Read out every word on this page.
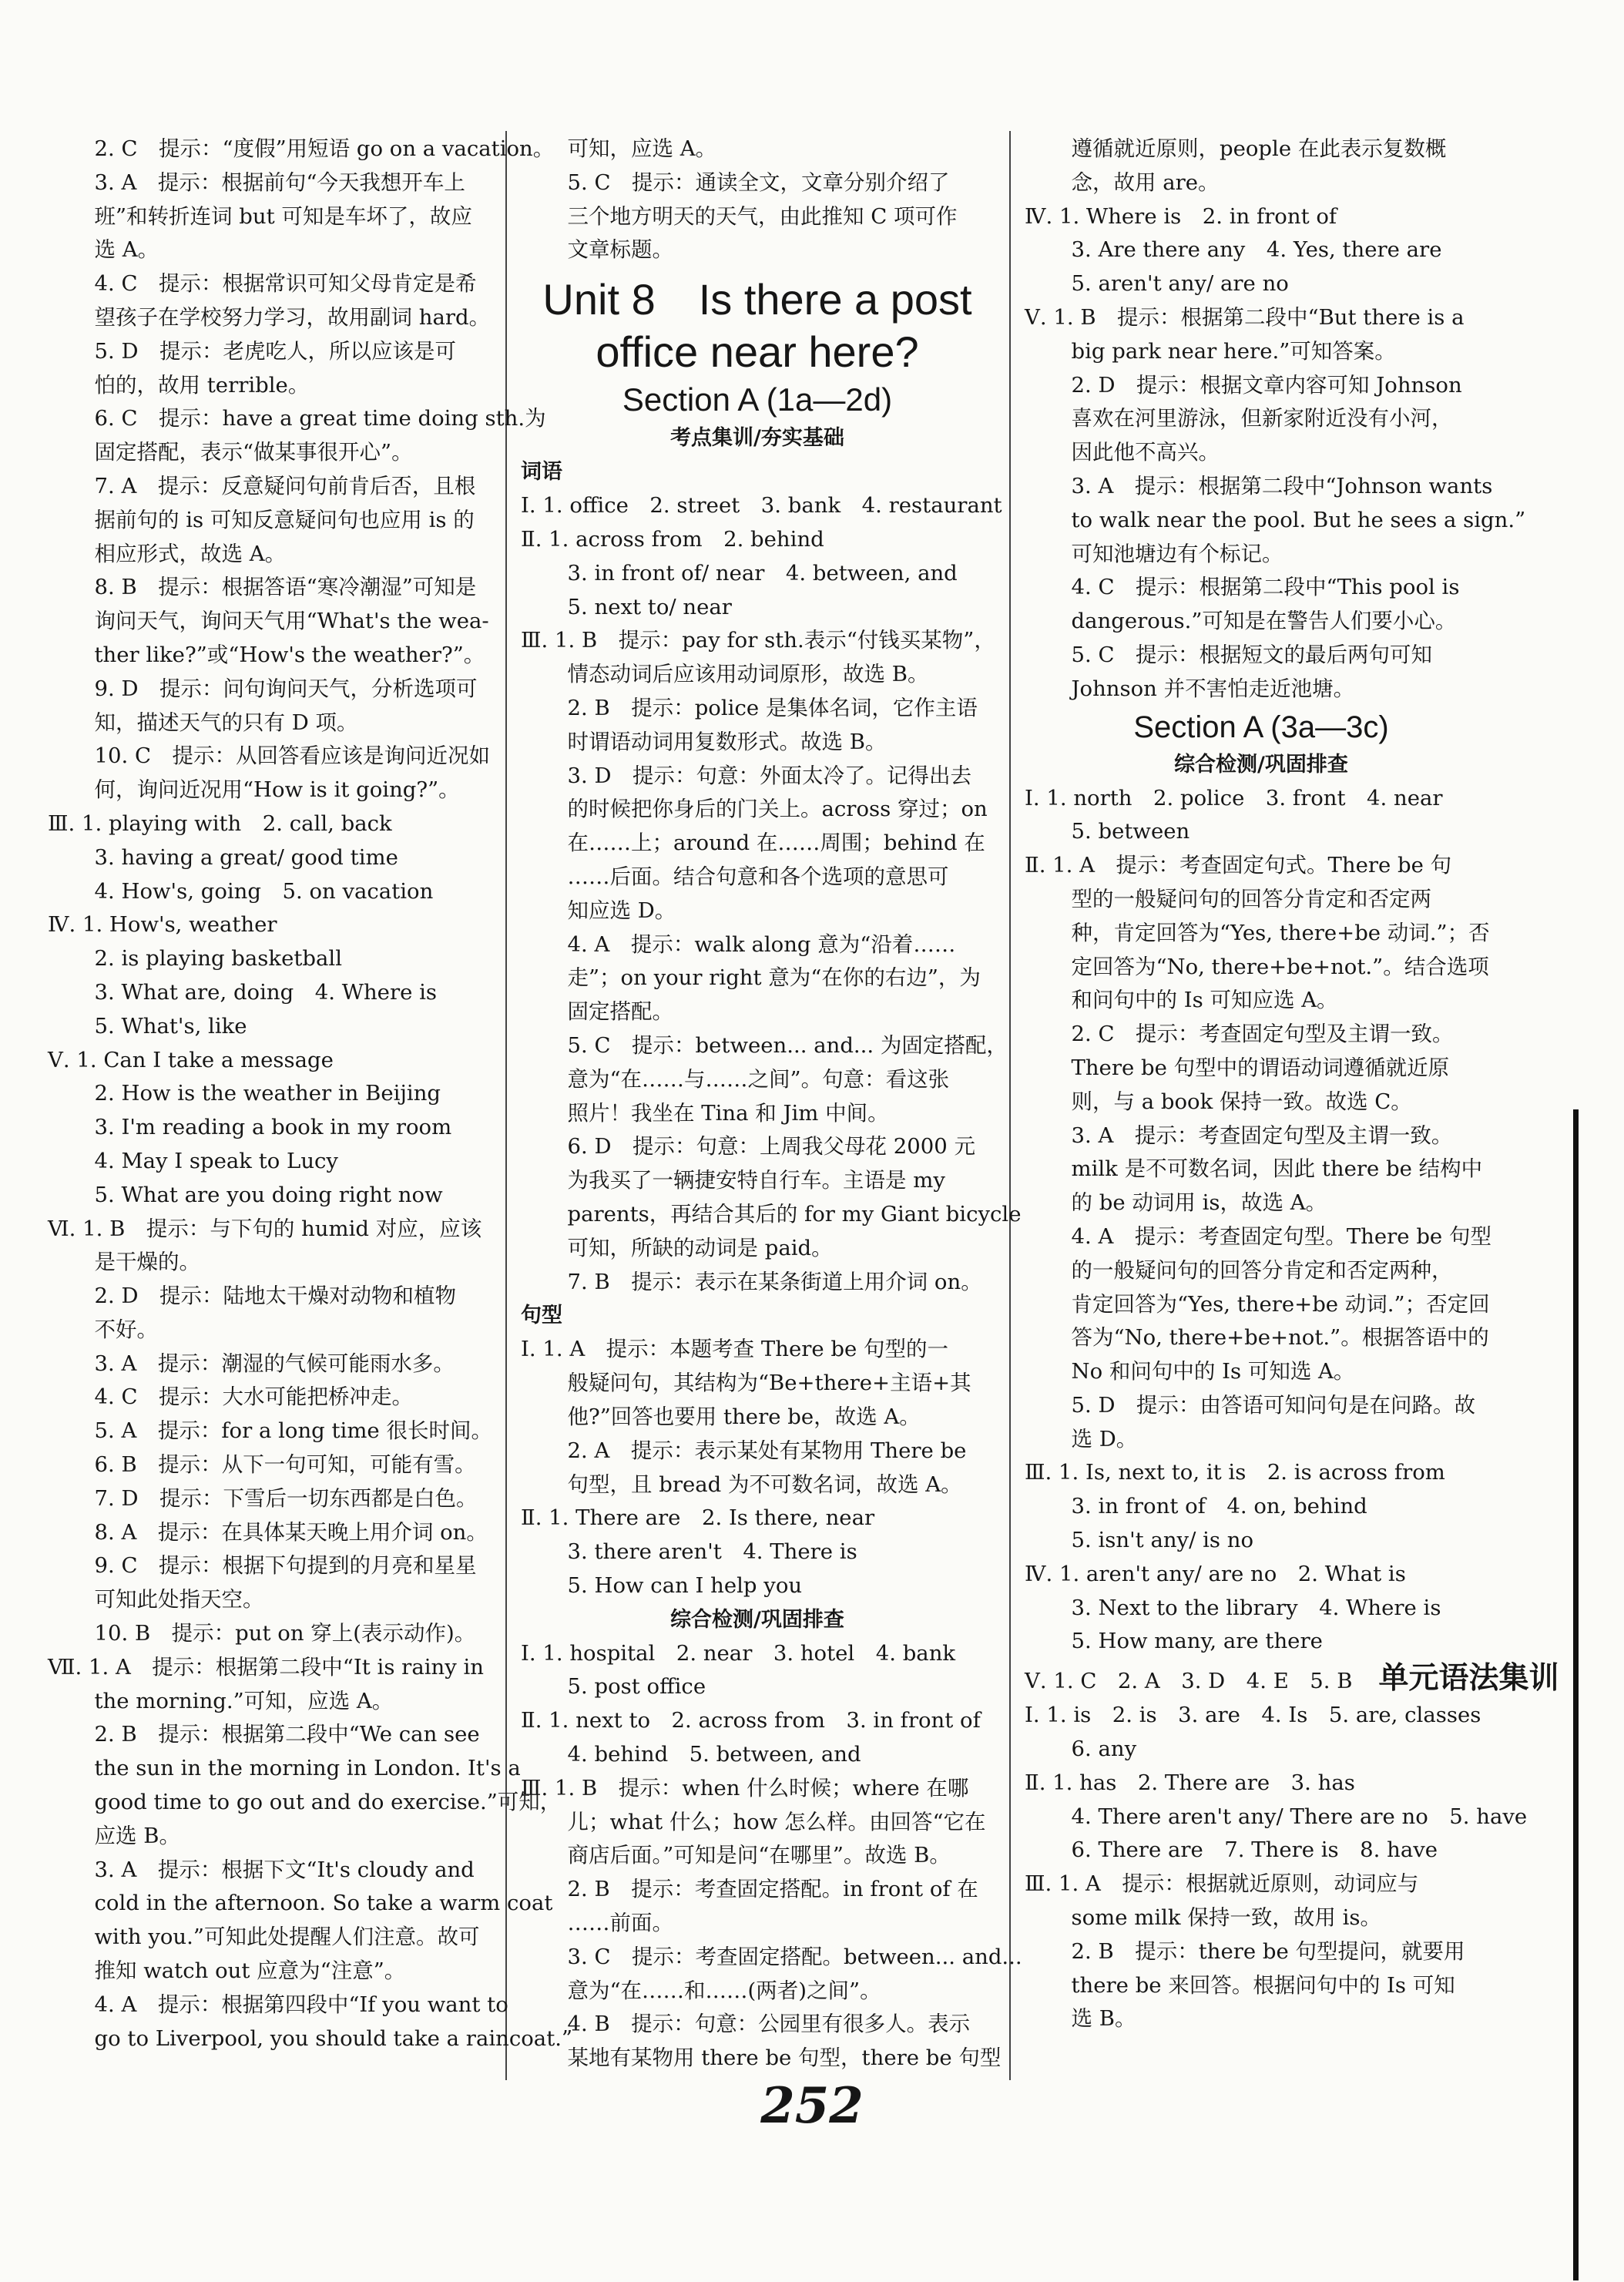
2. C　提示：“度假”用短语 go on a vacation。
3. A　提示：根据前句“今天我想开车上
班”和转折连词 but 可知是车坏了，故应
选 A。
4. C　提示：根据常识可知父母肯定是希
望孩子在学校努力学习，故用副词 hard。
5. D　提示：老虎吃人，所以应该是可
怕的，故用 terrible。
6. C　提示：have a great time doing sth.为
固定搭配，表示“做某事很开心”。
7. A　提示：反意疑问句前肯后否，且根
据前句的 is 可知反意疑问句也应用 is 的
相应形式，故选 A。
8. B　提示：根据答语“寒冷潮湿”可知是
询问天气，询问天气用“What's the wea-
ther like?”或“How's the weather?”。
9. D　提示：问句询问天气，分析选项可
知，描述天气的只有 D 项。
10. C　提示：从回答看应该是询问近况如
何，询问近况用“How is it going?”。
Ⅲ. 1. playing with　2. call, back
3. having a great/ good time
4. How's, going　5. on vacation
Ⅳ. 1. How's, weather
2. is playing basketball
3. What are, doing　4. Where is
5. What's, like
Ⅴ. 1. Can I take a message
2. How is the weather in Beijing
3. I'm reading a book in my room
4. May I speak to Lucy
5. What are you doing right now
Ⅵ. 1. B　提示：与下句的 humid 对应，应该
是干燥的。
2. D　提示：陆地太干燥对动物和植物
不好。
3. A　提示：潮湿的气候可能雨水多。
4. C　提示：大水可能把桥冲走。
5. A　提示：for a long time 很长时间。
6. B　提示：从下一句可知，可能有雪。
7. D　提示：下雪后一切东西都是白色。
8. A　提示：在具体某天晚上用介词 on。
9. C　提示：根据下句提到的月亮和星星
可知此处指天空。
10. B　提示：put on 穿上(表示动作)。
Ⅶ. 1. A　提示：根据第二段中“It is rainy in
the morning.”可知，应选 A。
2. B　提示：根据第二段中“We can see
the sun in the morning in London. It's a
good time to go out and do exercise.”可知，
应选 B。
3. A　提示：根据下文“It's cloudy and
cold in the afternoon. So take a warm coat
with you.”可知此处提醒人们注意。故可
推知 watch out 应意为“注意”。
4. A　提示：根据第四段中“If you want to
go to Liverpool, you should take a raincoat.”
可知，应选 A。
5. C　提示：通读全文，文章分别介绍了
三个地方明天的天气，由此推知 C 项可作
文章标题。
Unit 8　Is there a post
office near here?
Section A (1a—2d)
考点集训/夯实基础
词语
Ⅰ. 1. office　2. street　3. bank　4. restaurant
Ⅱ. 1. across from　2. behind
3. in front of/ near　4. between, and
5. next to/ near
Ⅲ. 1. B　提示：pay for sth.表示“付钱买某物”，
情态动词后应该用动词原形，故选 B。
2. B　提示：police 是集体名词，它作主语
时谓语动词用复数形式。故选 B。
3. D　提示：句意：外面太冷了。记得出去
的时候把你身后的门关上。across 穿过；on
在……上；around 在……周围；behind 在
……后面。结合句意和各个选项的意思可
知应选 D。
4. A　提示：walk along 意为“沿着……
走”；on your right 意为“在你的右边”，为
固定搭配。
5. C　提示：between... and... 为固定搭配，
意为“在……与……之间”。句意：看这张
照片！我坐在 Tina 和 Jim 中间。
6. D　提示：句意：上周我父母花 2000 元
为我买了一辆捷安特自行车。主语是 my
parents，再结合其后的 for my Giant bicycle
可知，所缺的动词是 paid。
7. B　提示：表示在某条街道上用介词 on。
句型
Ⅰ. 1. A　提示：本题考查 There be 句型的一
般疑问句，其结构为“Be+there+主语+其
他?”回答也要用 there be，故选 A。
2. A　提示：表示某处有某物用 There be
句型，且 bread 为不可数名词，故选 A。
Ⅱ. 1. There are　2. Is there, near
3. there aren't　4. There is
5. How can I help you
综合检测/巩固排查
Ⅰ. 1. hospital　2. near　3. hotel　4. bank
5. post office
Ⅱ. 1. next to　2. across from　3. in front of
4. behind　5. between, and
Ⅲ. 1. B　提示：when 什么时候；where 在哪
儿；what 什么；how 怎么样。由回答“它在
商店后面。”可知是问“在哪里”。故选 B。
2. B　提示：考查固定搭配。in front of 在
……前面。
3. C　提示：考查固定搭配。between... and...
意为“在……和……(两者)之间”。
4. B　提示：句意：公园里有很多人。表示
某地有某物用 there be 句型，there be 句型
遵循就近原则，people 在此表示复数概
念，故用 are。
Ⅳ. 1. Where is　2. in front of
3. Are there any　4. Yes, there are
5. aren't any/ are no
Ⅴ. 1. B　提示：根据第二段中“But there is a
big park near here.”可知答案。
2. D　提示：根据文章内容可知 Johnson
喜欢在河里游泳，但新家附近没有小河，
因此他不高兴。
3. A　提示：根据第二段中“Johnson wants
to walk near the pool. But he sees a sign.”
可知池塘边有个标记。
4. C　提示：根据第二段中“This pool is
dangerous.”可知是在警告人们要小心。
5. C　提示：根据短文的最后两句可知
Johnson 并不害怕走近池塘。
Section A (3a—3c)
综合检测/巩固排查
Ⅰ. 1. north　2. police　3. front　4. near
5. between
Ⅱ. 1. A　提示：考查固定句式。There be 句
型的一般疑问句的回答分肯定和否定两
种，肯定回答为“Yes, there+be 动词.”；否
定回答为“No, there+be+not.”。结合选项
和问句中的 Is 可知应选 A。
2. C　提示：考查固定句型及主谓一致。
There be 句型中的谓语动词遵循就近原
则，与 a book 保持一致。故选 C。
3. A　提示：考查固定句型及主谓一致。
milk 是不可数名词，因此 there be 结构中
的 be 动词用 is，故选 A。
4. A　提示：考查固定句型。There be 句型
的一般疑问句的回答分肯定和否定两种，
肯定回答为“Yes, there+be 动词.”；否定回
答为“No, there+be+not.”。根据答语中的
No 和问句中的 Is 可知选 A。
5. D　提示：由答语可知问句是在问路。故
选 D。
Ⅲ. 1. Is, next to, it is　2. is across from
3. in front of　4. on, behind
5. isn't any/ is no
Ⅳ. 1. aren't any/ are no　2. What is
3. Next to the library　4. Where is
5. How many, are there
Ⅴ. 1. C　2. A　3. D　4. E　5. B 单元语法集训
Ⅰ. 1. is　2. is　3. are　4. Is　5. are, classes
6. any
Ⅱ. 1. has　2. There are　3. has
4. There aren't any/ There are no　5. have
6. There are　7. There is　8. have
Ⅲ. 1. A　提示：根据就近原则，动词应与
some milk 保持一致，故用 is。
2. B　提示：there be 句型提问，就要用
there be 来回答。根据问句中的 Is 可知
选 B。
252
